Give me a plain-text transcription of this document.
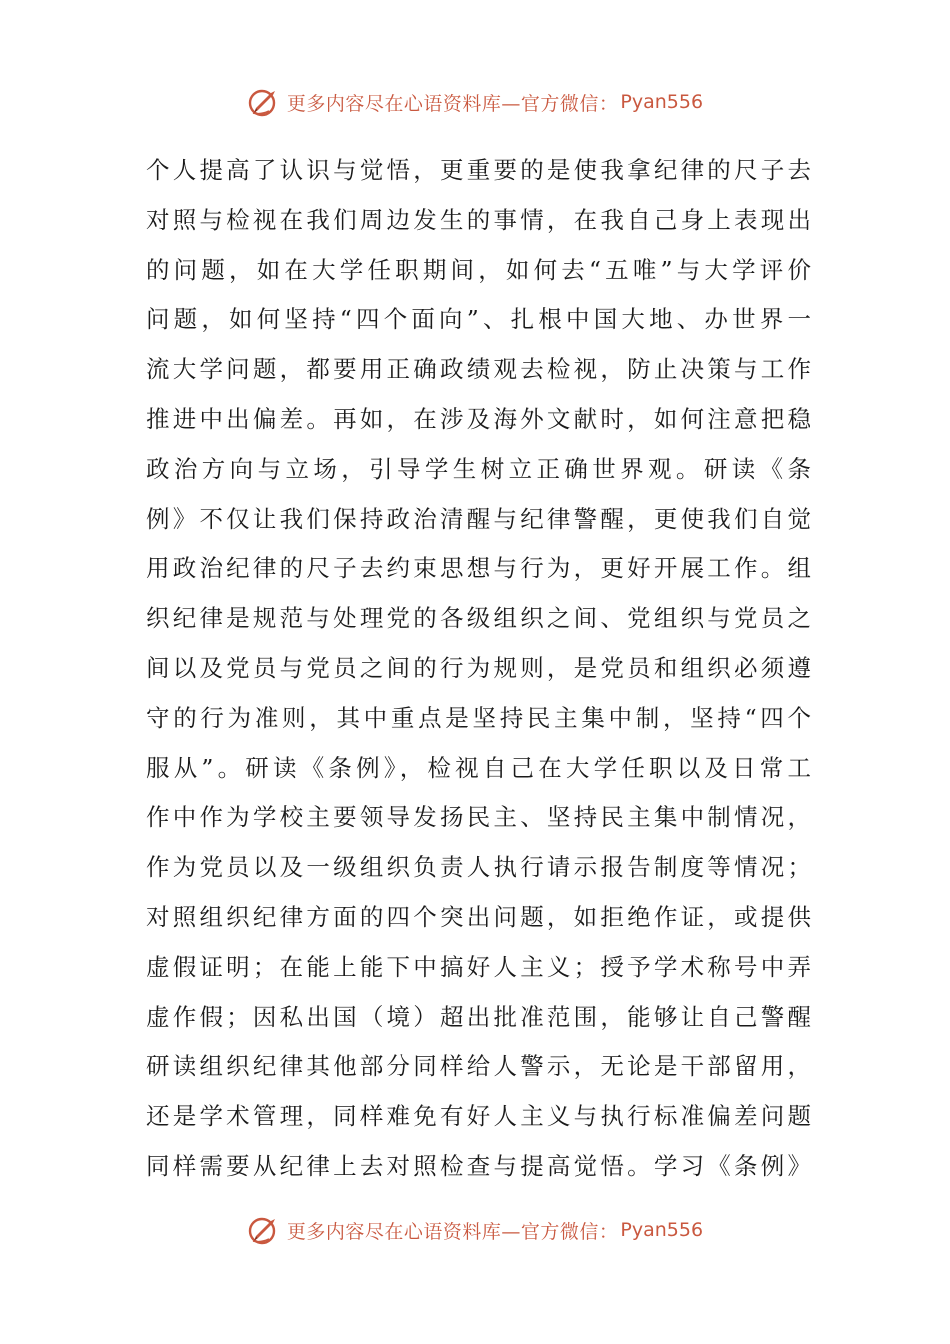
更多内容尽在心语资料库—官方微信： Pyan556
个人提高了认识与觉悟，更重要的是使我拿纪律的尺子去
对照与检视在我们周边发生的事情，在我自己身上表现出
的问题，如在大学任职期间，如何去“五唯”与大学评价
问题，如何坚持“四个面向”、扎根中国大地、办世界一
流大学问题，都要用正确政绩观去检视，防止决策与工作
推进中出偏差。再如，在涉及海外文献时，如何注意把稳
政治方向与立场，引导学生树立正确世界观。研读《条
例》不仅让我们保持政治清醒与纪律警醒，更使我们自觉
用政治纪律的尺子去约束思想与行为，更好开展工作。组
织纪律是规范与处理党的各级组织之间、党组织与党员之
间以及党员与党员之间的行为规则，是党员和组织必须遵
守的行为准则，其中重点是坚持民主集中制，坚持“四个
服从”。研读《条例》，检视自己在大学任职以及日常工
作中作为学校主要领导发扬民主、坚持民主集中制情况，
作为党员以及一级组织负责人执行请示报告制度等情况；
对照组织纪律方面的四个突出问题，如拒绝作证，或提供
虚假证明；在能上能下中搞好人主义；授予学术称号中弄
虚作假；因私出国（境）超出批准范围，能够让自己警醒
研读组织纪律其他部分同样给人警示，无论是干部留用，
还是学术管理，同样难免有好人主义与执行标准偏差问题
同样需要从纪律上去对照检查与提高觉悟。学习《条例》
更多内容尽在心语资料库—官方微信： Pyan556
